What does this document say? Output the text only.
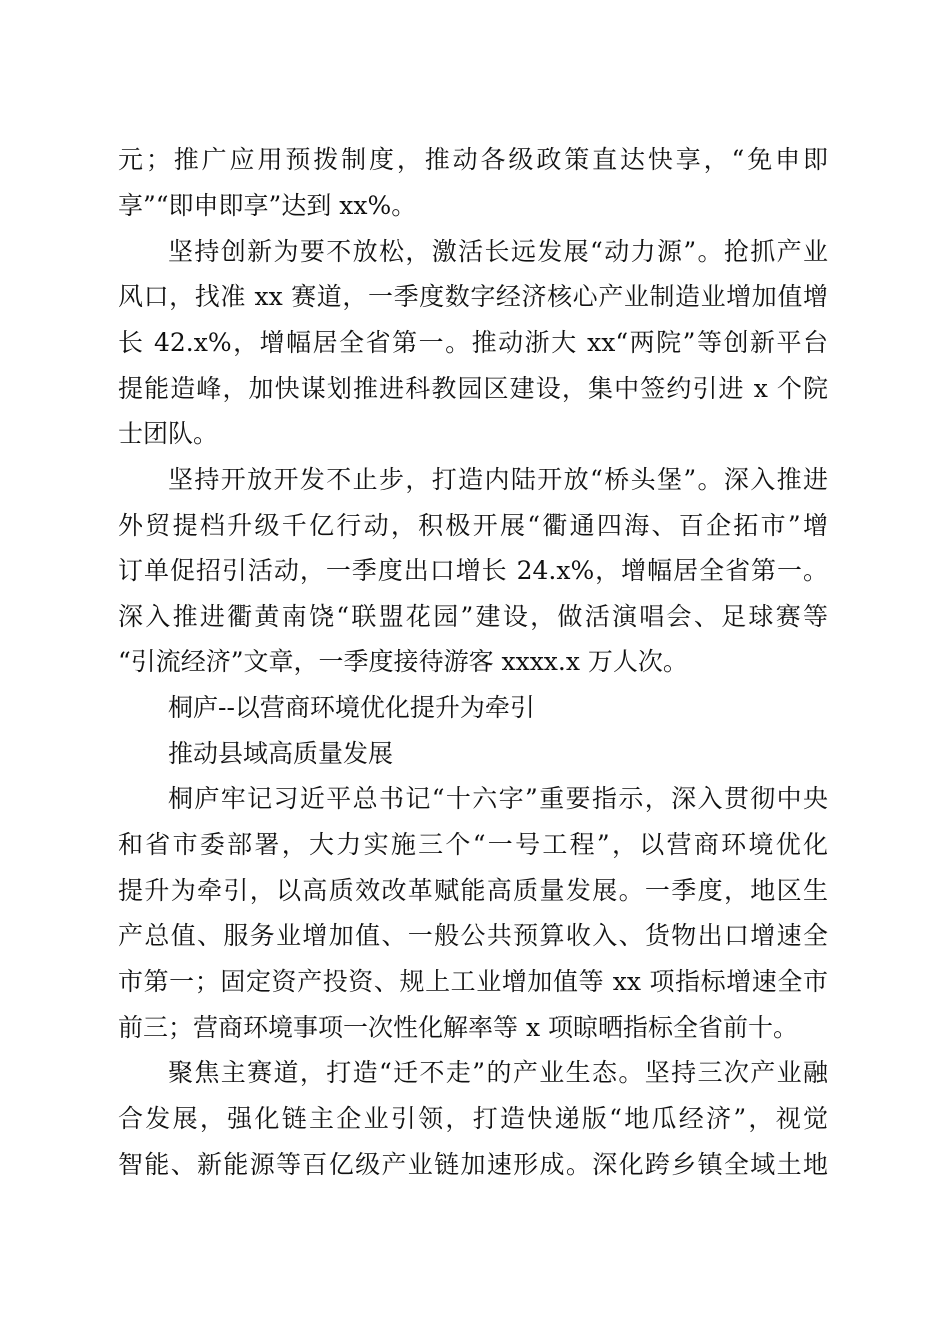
元；推广应用预拨制度，推动各级政策直达快享，“免申即
享”“即申即享”达到 xx%。
坚持创新为要不放松，激活长远发展“动力源”。抢抓产业
风口，找准 xx 赛道，一季度数字经济核心产业制造业增加值增
长 42.x%，增幅居全省第一。推动浙大 xx“两院”等创新平台
提能造峰，加快谋划推进科教园区建设，集中签约引进 x 个院
士团队。
坚持开放开发不止步，打造内陆开放“桥头堡”。深入推进
外贸提档升级千亿行动，积极开展“衢通四海、百企拓市”增
订单促招引活动，一季度出口增长 24.x%，增幅居全省第一。
深入推进衢黄南饶“联盟花园”建设，做活演唱会、足球赛等
“引流经济”文章，一季度接待游客 xxxx.x 万人次。
桐庐--以营商环境优化提升为牵引
推动县域高质量发展
桐庐牢记习近平总书记“十六字”重要指示，深入贯彻中央
和省市委部署，大力实施三个“一号工程”，以营商环境优化
提升为牵引，以高质效改革赋能高质量发展。一季度，地区生
产总值、服务业增加值、一般公共预算收入、货物出口增速全
市第一；固定资产投资、规上工业增加值等 xx 项指标增速全市
前三；营商环境事项一次性化解率等 x 项晾晒指标全省前十。
聚焦主赛道，打造“迁不走”的产业生态。坚持三次产业融
合发展，强化链主企业引领，打造快递版“地瓜经济”，视觉
智能、新能源等百亿级产业链加速形成。深化跨乡镇全域土地
